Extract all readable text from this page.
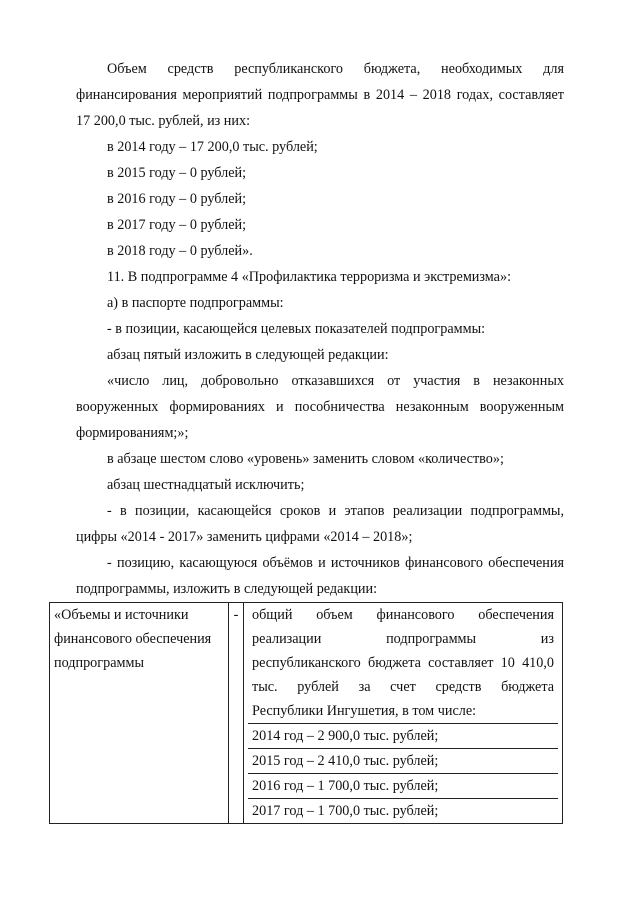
Объем средств республиканского бюджета, необходимых для финансирования мероприятий подпрограммы в 2014 – 2018 годах, составляет 17 200,0 тыс. рублей, из них:

в 2014 году – 17 200,0 тыс. рублей;

в 2015 году – 0 рублей;

в 2016 году – 0 рублей;

в 2017 году – 0 рублей;

в 2018 году – 0 рублей».

11. В подпрограмме 4 «Профилактика терроризма и экстремизма»:

а) в паспорте подпрограммы:

- в позиции, касающейся целевых показателей подпрограммы:

абзац пятый изложить в следующей редакции:

«число лиц, добровольно отказавшихся от участия в незаконных вооруженных формированиях и пособничества незаконным вооруженным формированиям;»;

в абзаце шестом слово «уровень» заменить словом «количество»;

абзац шестнадцатый исключить;

- в позиции, касающейся сроков и этапов реализации подпрограммы, цифры «2014 - 2017» заменить цифрами «2014 – 2018»;

- позицию, касающуюся объёмов и источников финансового обеспечения подпрограммы, изложить в следующей редакции:

«Объемы и источники финансового обеспечения подпрограммы	-	общий объем финансового обеспечения
реализации подпрограммы из
республиканского бюджета составляет 10 410,0
тыс. рублей за счет средств бюджета
Республики Ингушетия, в том числе:
2014 год – 2 900,0 тыс. рублей;
2015 год – 2 410,0 тыс. рублей;
2016 год – 1 700,0 тыс. рублей;
2017 год – 1 700,0 тыс. рублей;
